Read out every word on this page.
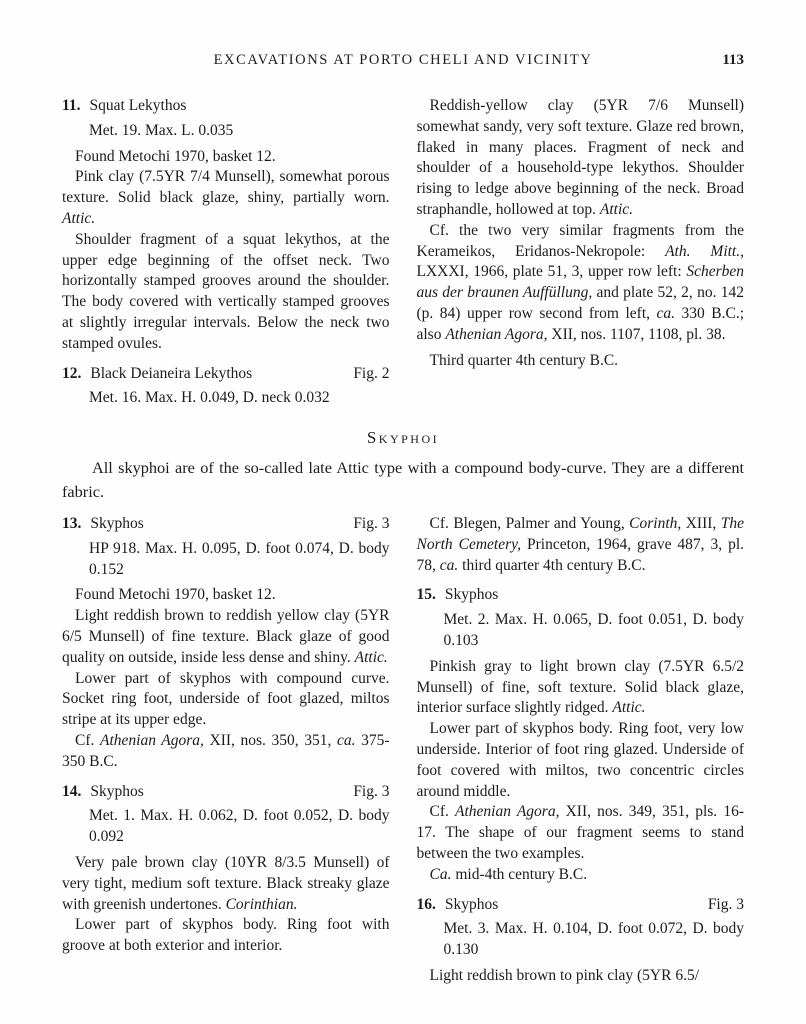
EXCAVATIONS AT PORTO CHELI AND VICINITY	113
11. Squat Lekythos
Met. 19. Max. L. 0.035

Found Metochi 1970, basket 12.

Pink clay (7.5YR 7/4 Munsell), somewhat porous texture. Solid black glaze, shiny, partially worn. Attic.

Shoulder fragment of a squat lekythos, at the upper edge beginning of the offset neck. Two horizontally stamped grooves around the shoulder. The body covered with vertically stamped grooves at slightly irregular intervals. Below the neck two stamped ovules.

12. Black Deianeira Lekythos	Fig. 2
Met. 16. Max. H. 0.049, D. neck 0.032

Reddish-yellow clay (5YR 7/6 Munsell) somewhat sandy, very soft texture. Glaze red brown, flaked in many places. Fragment of neck and shoulder of a household-type lekythos. Shoulder rising to ledge above beginning of the neck. Broad straphandle, hollowed at top. Attic.

Cf. the two very similar fragments from the Kerameikos, Eridanos-Nekropole: Ath. Mitt., LXXXI, 1966, plate 51, 3, upper row left: Scherben aus der braunen Auffüllung, and plate 52, 2, no. 142 (p. 84) upper row second from left, ca. 330 B.C.; also Athenian Agora, XII, nos. 1107, 1108, pl. 38.

Third quarter 4th century B.C.

Skyphoi

All skyphoi are of the so-called late Attic type with a compound body-curve. They are a different fabric.

13. Skyphos	Fig. 3
HP 918. Max. H. 0.095, D. foot 0.074, D. body 0.152

Found Metochi 1970, basket 12.

Light reddish brown to reddish yellow clay (5YR 6/5 Munsell) of fine texture. Black glaze of good quality on outside, inside less dense and shiny. Attic.

Lower part of skyphos with compound curve. Socket ring foot, underside of foot glazed, miltos stripe at its upper edge.

Cf. Athenian Agora, XII, nos. 350, 351, ca. 375-350 B.C.

14. Skyphos	Fig. 3
Met. 1. Max. H. 0.062, D. foot 0.052, D. body 0.092

Very pale brown clay (10YR 8/3.5 Munsell) of very tight, medium soft texture. Black streaky glaze with greenish undertones. Corinthian.

Lower part of skyphos body. Ring foot with groove at both exterior and interior.

Cf. Blegen, Palmer and Young, Corinth, XIII, The North Cemetery, Princeton, 1964, grave 487, 3, pl. 78, ca. third quarter 4th century B.C.

15. Skyphos
Met. 2. Max. H. 0.065, D. foot 0.051, D. body 0.103

Pinkish gray to light brown clay (7.5YR 6.5/2 Munsell) of fine, soft texture. Solid black glaze, interior surface slightly ridged. Attic.

Lower part of skyphos body. Ring foot, very low underside. Interior of foot ring glazed. Underside of foot covered with miltos, two concentric circles around middle.

Cf. Athenian Agora, XII, nos. 349, 351, pls. 16-17. The shape of our fragment seems to stand between the two examples.

Ca. mid-4th century B.C.

16. Skyphos	Fig. 3
Met. 3. Max. H. 0.104, D. foot 0.072, D. body 0.130

Light reddish brown to pink clay (5YR 6.5/
